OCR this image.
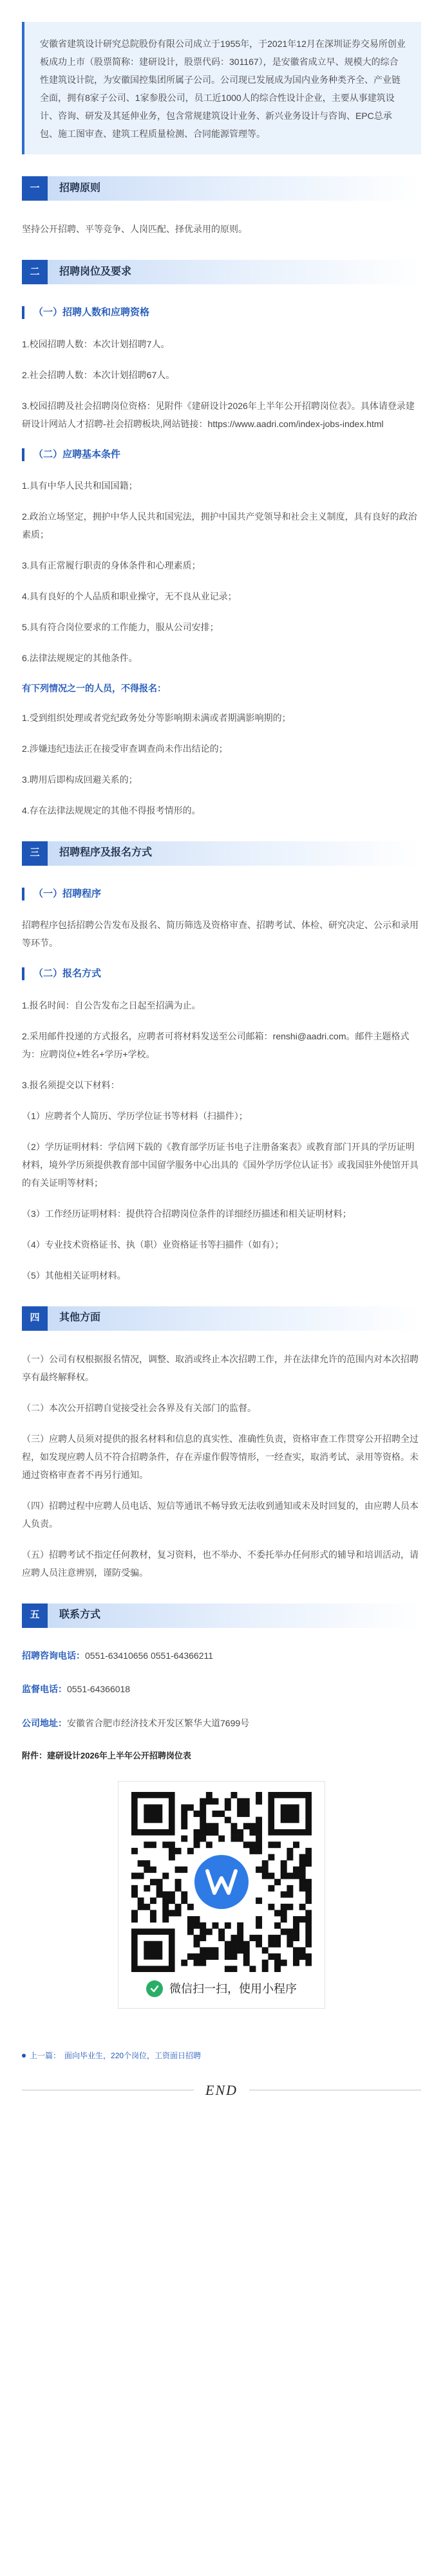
安徽省建筑设计研究总院股份有限公司成立于1955年，于2021年12月在深圳证券交易所创业板成功上市（股票简称：建研设计，股票代码：301167），是安徽省成立早、规模大的综合性建筑设计院，为安徽国控集团所属子公司。公司现已发展成为国内业务种类齐全、产业链全面，拥有8家子公司、1家参股公司，员工近1000人的综合性设计企业，主要从事建筑设计、咨询、研发及其延伸业务，包含常规建筑设计业务、新兴业务设计与咨询、EPC总承包、施工图审查、建筑工程质量检测、合同能源管理等。
一	招聘原则
坚持公开招聘、平等竞争、人岗匹配、择优录用的原则。
二	招聘岗位及要求
（一）招聘人数和应聘资格
1.校园招聘人数：本次计划招聘7人。
2.社会招聘人数：本次计划招聘67人。
3.校园招聘及社会招聘岗位资格：见附件《建研设计2026年上半年公开招聘岗位表》。具体请登录建研设计网站人才招聘-社会招聘板块,网站链接：https://www.aadri.com/index-jobs-index.html
（二）应聘基本条件
1.具有中华人民共和国国籍；
2.政治立场坚定，拥护中华人民共和国宪法，拥护中国共产党领导和社会主义制度，具有良好的政治素质；
3.具有正常履行职责的身体条件和心理素质；
4.具有良好的个人品质和职业操守，无不良从业记录；
5.具有符合岗位要求的工作能力，服从公司安排；
6.法律法规规定的其他条件。
有下列情况之一的人员，不得报名：
1.受到组织处理或者党纪政务处分等影响期未满或者期满影响期的；
2.涉嫌违纪违法正在接受审查调查尚未作出结论的；
3.聘用后即构成回避关系的；
4.存在法律法规规定的其他不得报考情形的。
三	招聘程序及报名方式
（一）招聘程序
招聘程序包括招聘公告发布及报名、简历筛选及资格审查、招聘考试、体检、研究决定、公示和录用等环节。
（二）报名方式
1.报名时间：自公告发布之日起至招满为止。
2.采用邮件投递的方式报名，应聘者可将材料发送至公司邮箱：renshi@aadri.com。邮件主题格式为：应聘岗位+姓名+学历+学校。
3.报名须提交以下材料：
（1）应聘者个人简历、学历学位证书等材料（扫描件）；
（2）学历证明材料：学信网下载的《教育部学历证书电子注册备案表》或教育部门开具的学历证明材料，境外学历须提供教育部中国留学服务中心出具的《国外学历学位认证书》或我国驻外使馆开具的有关证明等材料；
（3）工作经历证明材料：提供符合招聘岗位条件的详细经历描述和相关证明材料；
（4）专业技术资格证书、执（职）业资格证书等扫描件（如有）；
（5）其他相关证明材料。
四	其他方面
（一）公司有权根据报名情况，调整、取消或终止本次招聘工作，并在法律允许的范围内对本次招聘享有最终解释权。
（二）本次公开招聘自觉接受社会各界及有关部门的监督。
（三）应聘人员须对提供的报名材料和信息的真实性、准确性负责，资格审查工作贯穿公开招聘全过程，如发现应聘人员不符合招聘条件，存在弄虚作假等情形，一经查实，取消考试、录用等资格。未通过资格审查者不再另行通知。
（四）招聘过程中应聘人员电话、短信等通讯不畅导致无法收到通知或未及时回复的，由应聘人员本人负责。
（五）招聘考试不指定任何教材，复习资料，也不举办、不委托举办任何形式的辅导和培训活动，请应聘人员注意辨别，谨防受骗。
五	联系方式
招聘咨询电话：0551-63410656 0551-64366211
监督电话：0551-64366018
公司地址：安徽省合肥市经济技术开发区繁华大道7699号
附件：建研设计2026年上半年公开招聘岗位表
微信扫一扫，使用小程序
上一篇： 面向毕业生，220个岗位，工资面日招聘
END
